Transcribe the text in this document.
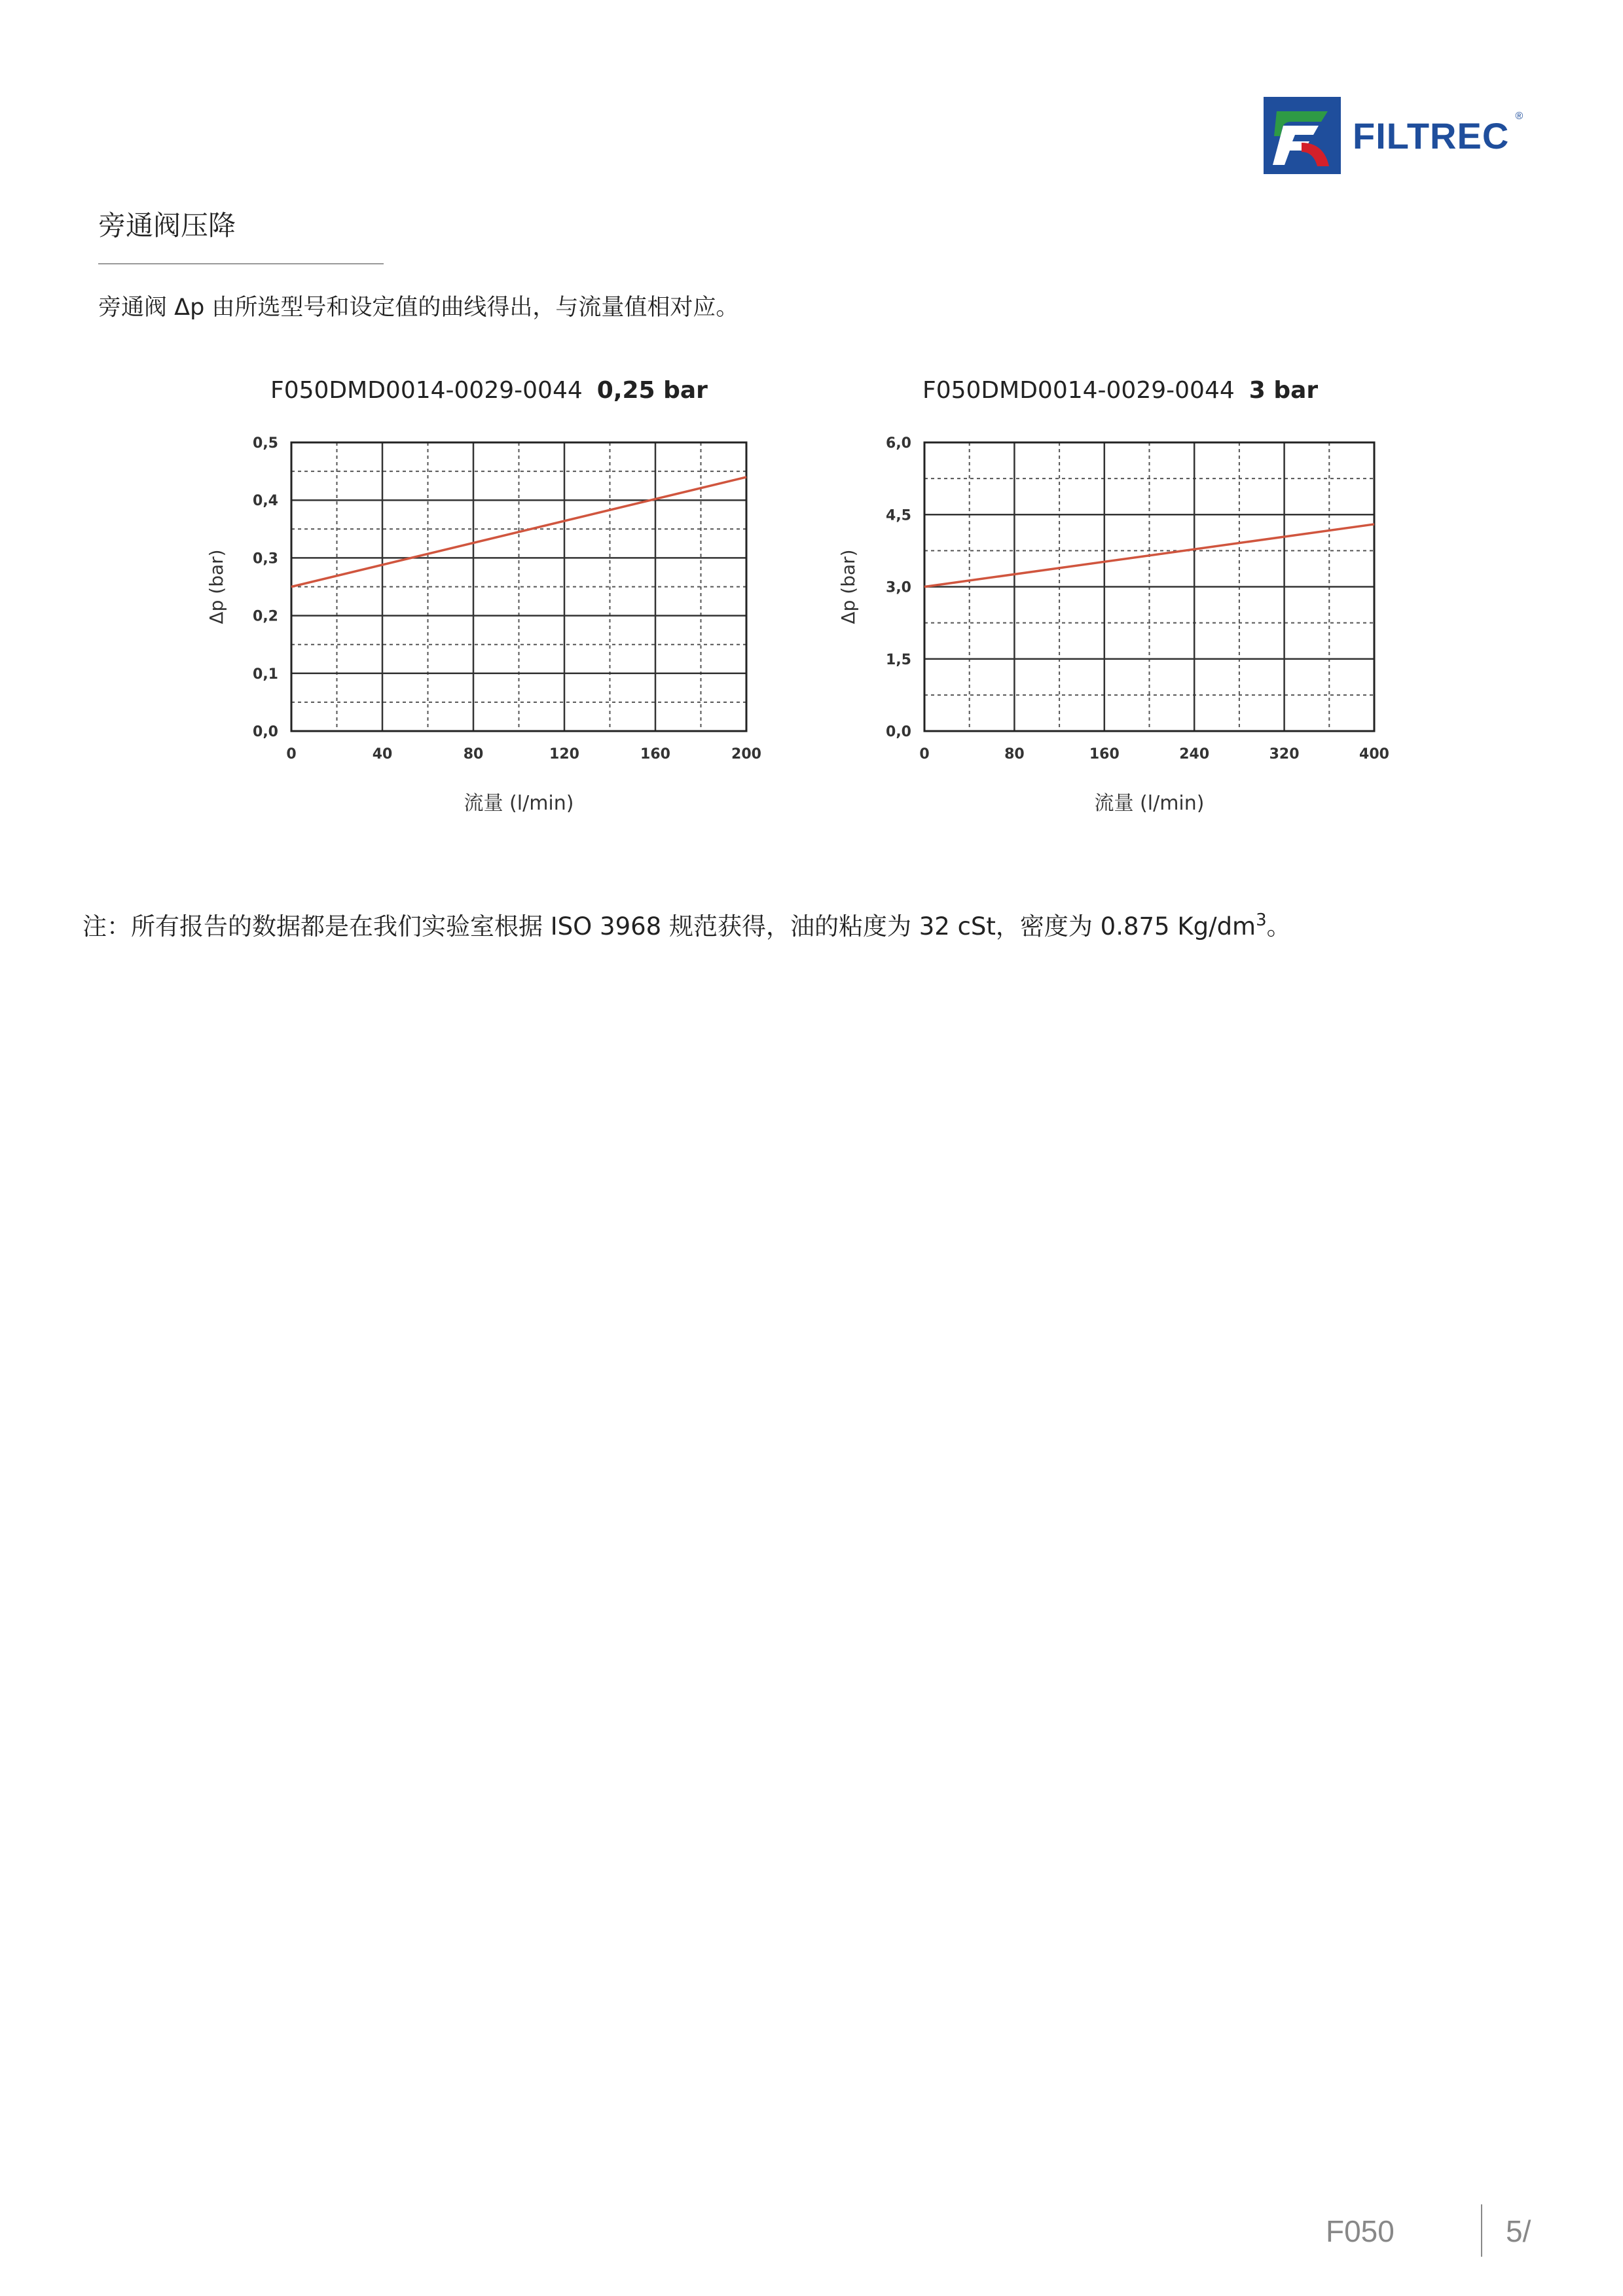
FILTREC ®
旁通阀压降
旁通阀 Δp 由所选型号和设定值的曲线得出，与流量值相对应。
F050DMD0014-0029-0044 0,25 bar
0	40	80	120	160	200
0,0
0,1
0,2
0,3
0,4
0,5
Δp (bar)
流量 (l/min)
F050DMD0014-0029-0044 3 bar
0	80	160	240	320	400
0,0
1,5
3,0
4,5
6,0
Δp (bar)
流量 (l/min)
注：所有报告的数据都是在我们实验室根据 ISO 3968 规范获得，油的粘度为 32 cSt，密度为 0.875 $Kg/dm^3$。
F050	5/
